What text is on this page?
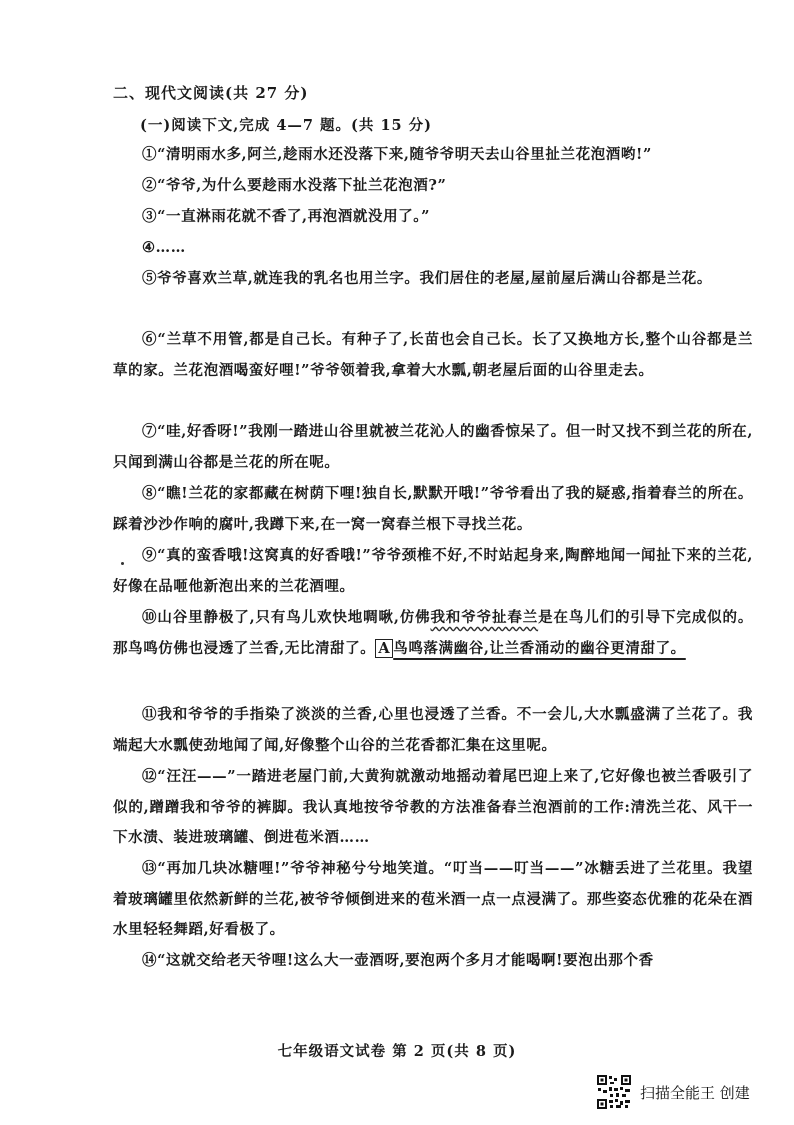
二、现代文阅读(共 27 分)
(一)阅读下文,完成 4—7 题。(共 15 分)
①“清明雨水多,阿兰,趁雨水还没落下来,随爷爷明天去山谷里扯兰花泡酒哟!”
②“爷爷,为什么要趁雨水没落下扯兰花泡酒?”
③“一直淋雨花就不香了,再泡酒就没用了。”
④……
⑤爷爷喜欢兰草,就连我的乳名也用兰字。我们居住的老屋,屋前屋后满山谷都是兰花。
⑥“兰草不用管,都是自己长。有种子了,长苗也会自己长。长了又换地方长,整个山谷都是兰草的家。兰花泡酒喝蛮好哩!”爷爷领着我,拿着大水瓢,朝老屋后面的山谷里走去。
⑦“哇,好香呀!”我刚一踏进山谷里就被兰花沁人的幽香惊呆了。但一时又找不到兰花的所在,只闻到满山谷都是兰花的所在呢。
⑧“瞧!兰花的家都藏在树荫下哩!独自长,默默开哦!”爷爷看出了我的疑惑,指着春兰的所在。踩着沙沙作响的腐叶,我蹲下来,在一窝一窝春兰根下寻找兰花。
⑨“真的蛮香哦!这窝真的好香哦!”爷爷颈椎不好,不时站起身来,陶醉地闻一闻扯下来的兰花,好像在品咂他新泡出来的兰花酒哩。
⑩山谷里静极了,只有鸟儿欢快地啁啾,仿佛我和爷爷扯春兰是在鸟儿们的引导下完成似的。那鸟鸣仿佛也浸透了兰香,无比清甜了。 A 鸟鸣落满幽谷,让兰香涌动的幽谷更清甜了。
⑪我和爷爷的手指染了淡淡的兰香,心里也浸透了兰香。不一会儿,大水瓢盛满了兰花了。我端起大水瓢使劲地闻了闻,好像整个山谷的兰花香都汇集在这里呢。
⑫“汪汪——”一踏进老屋门前,大黄狗就激动地摇动着尾巴迎上来了,它好像也被兰香吸引了似的,蹭蹭我和爷爷的裤脚。我认真地按爷爷教的方法准备春兰泡酒前的工作:清洗兰花、风干一下水渍、装进玻璃罐、倒进苞米酒……
⑬“再加几块冰糖哩!”爷爷神秘兮兮地笑道。“叮当——叮当——”冰糖丢进了兰花里。我望着玻璃罐里依然新鲜的兰花,被爷爷倾倒进来的苞米酒一点一点浸满了。那些姿态优雅的花朵在酒水里轻轻舞蹈,好看极了。
⑭“这就交给老天爷哩!这么大一壶酒呀,要泡两个多月才能喝啊!要泡出那个香
七年级语文试卷 第 2 页(共 8 页)
扫描全能王 创建
